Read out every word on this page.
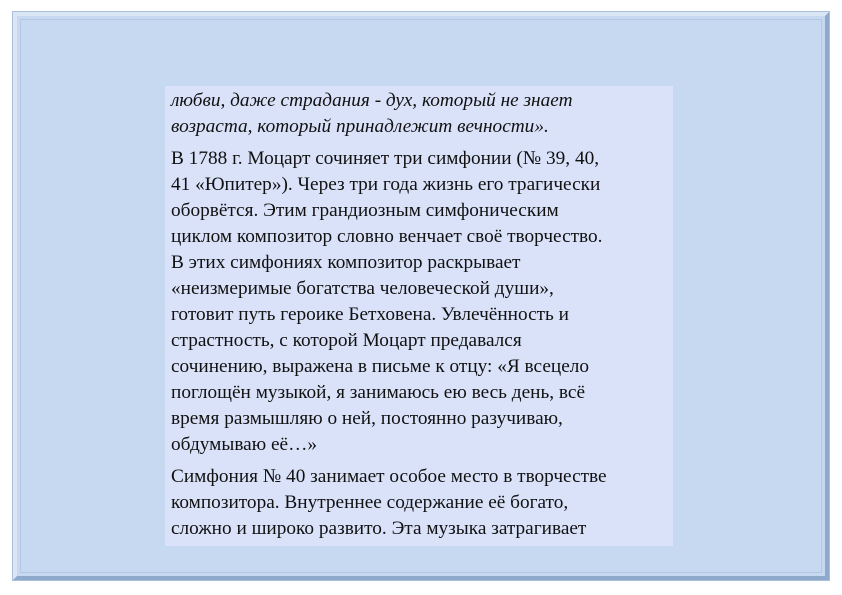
любви, даже страдания - дух, который не знает
возраста, который принадлежит вечности».

В 1788 г. Моцарт сочиняет три симфонии (№ 39, 40,
41 «Юпитер»). Через три года жизнь его трагически
оборвётся. Этим грандиозным симфоническим
циклом композитор словно венчает своё творчество.
В этих симфониях композитор раскрывает
«неизмеримые богатства человеческой души»,
готовит путь героике Бетховена. Увлечённость и
страстность, с которой Моцарт предавался
сочинению, выражена в письме к отцу: «Я всецело
поглощён музыкой, я занимаюсь ею весь день, всё
время размышляю о ней, постоянно разучиваю,
обдумываю её…»

Симфония № 40 занимает особое место в творчестве
композитора. Внутреннее содержание её богато,
сложно и широко развито. Эта музыка затрагивает
